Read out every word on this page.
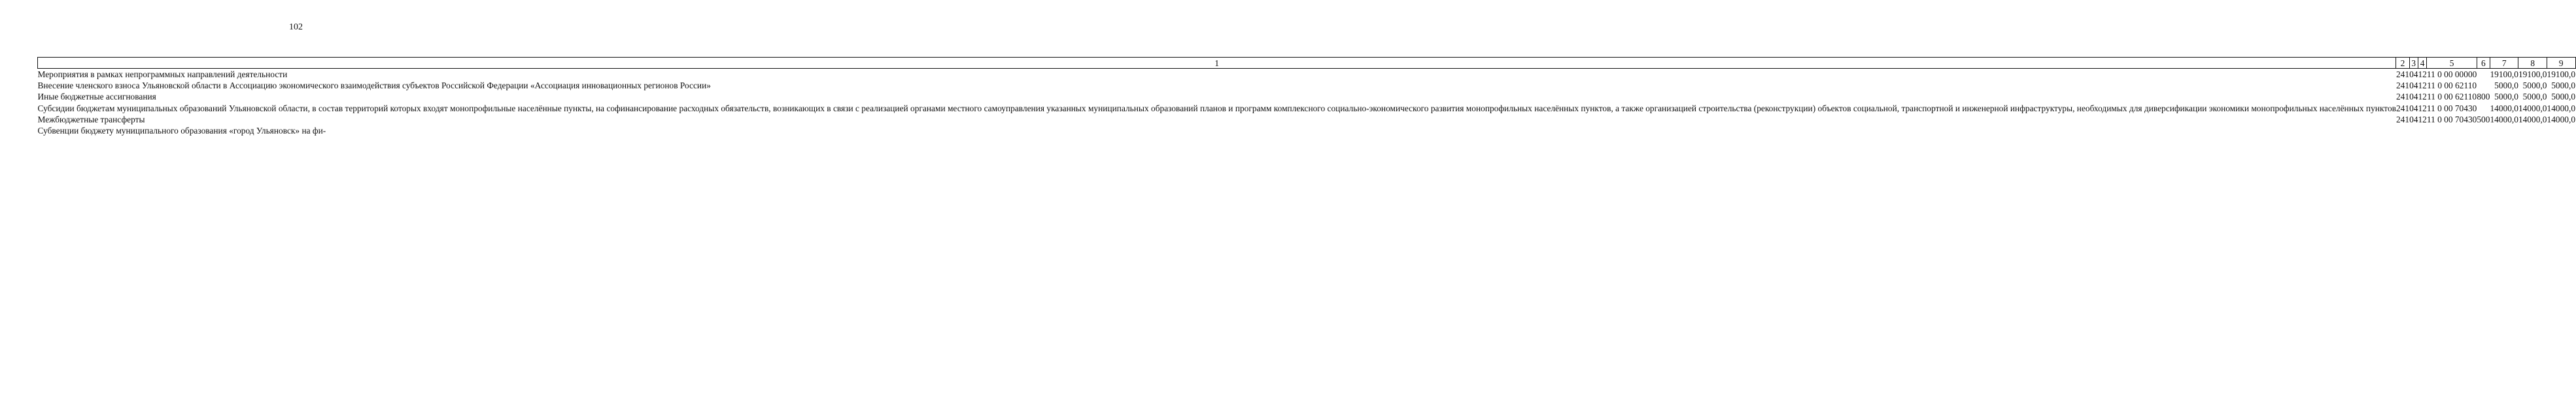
102
1	2	3	4	5	6	7	8	9
Мероприятия в рамках непрограммных направлений деятельности	241	04	12	11 0 00 00000		19100,0	19100,0	19100,0
Внесение членского взноса Ульяновской области в Ассоциацию экономического взаимодействия субъектов Российской Федерации «Ассоциация инновационных регионов России»	241	04	12	11 0 00 62110		5000,0	5000,0	5000,0
Иные бюджетные ассигнования	241	04	12	11 0 00 62110	800	5000,0	5000,0	5000,0
Субсидии бюджетам муниципальных образований Ульяновской области, в состав территорий которых входят монопрофильные населённые пункты, на софинансирование расходных обязательств, возникающих в связи с реализацией органами местного самоуправления указанных муниципальных образований планов и программ комплексного социально-экономического развития монопрофильных населённых пунктов, а также организацией строительства (реконструкции) объектов социальной, транспортной и инженерной инфраструктуры, необходимых для диверсификации экономики монопрофильных населённых пунктов	241	04	12	11 0 00 70430		14000,0	14000,0	14000,0
Межбюджетные трансферты	241	04	12	11 0 00 70430	500	14000,0	14000,0	14000,0
Субвенции бюджету муниципального образования «город Ульяновск» на фи-								
